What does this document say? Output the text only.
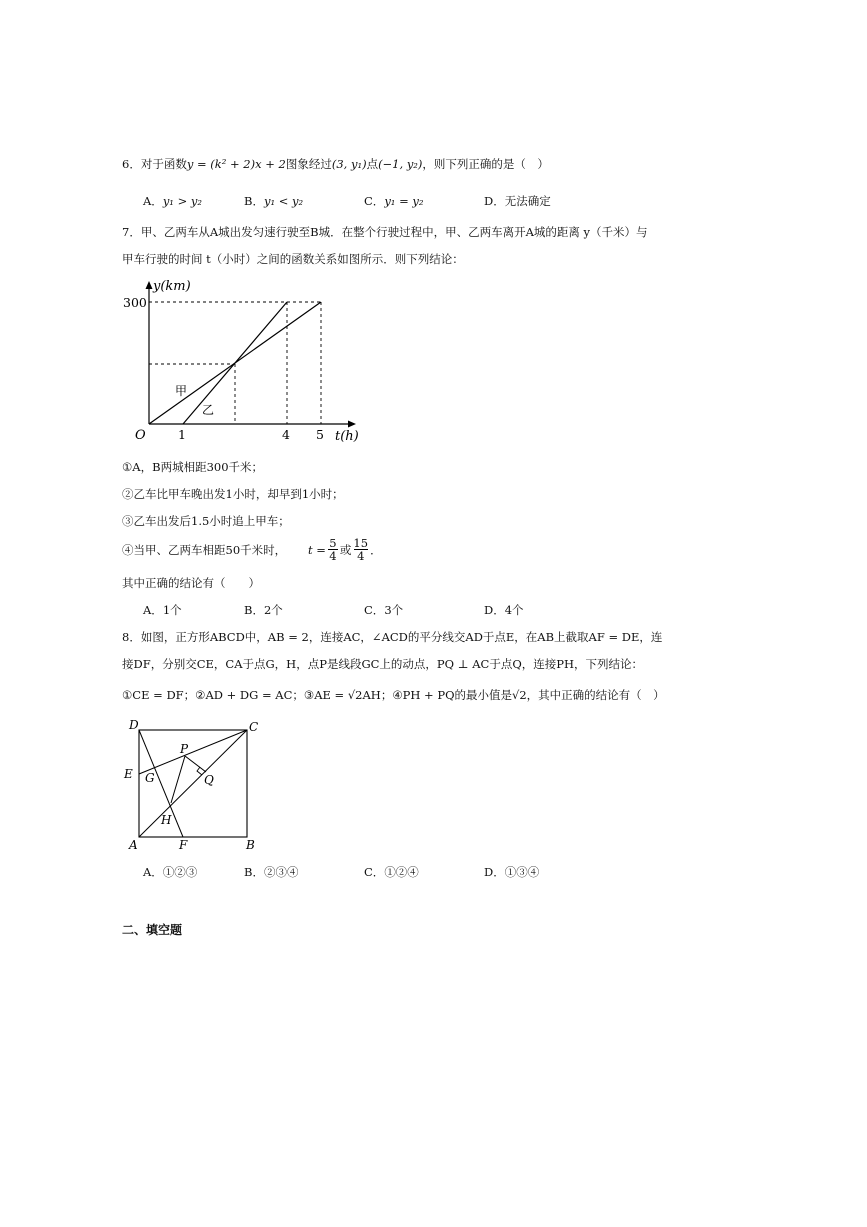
6．对于函数y = (k² + 2)x + 2图象经过(3, y₁)点(−1, y₂)，则下列正确的是（　）
A．y₁ > y₂	B．y₁ < y₂	C．y₁ = y₂	D．无法确定
7．甲、乙两车从A城出发匀速行驶至B城．在整个行驶过程中，甲、乙两车离开A城的距离 y（千米）与
甲车行驶的时间 t（小时）之间的函数关系如图所示．则下列结论：
y(km)
300
O	1	4 5 t(h)
甲
乙
①A，B两城相距300千米；
②乙车比甲车晚出发1小时，却早到1小时；
③乙车出发后1.5小时追上甲车；
④当甲、乙两车相距50千米时， t = 5
4 或 15
4 ．
其中正确的结论有（　　）
A．1个	B．2个	C．3个	D．4个
8．如图，正方形ABCD中，AB = 2，连接AC，∠ACD的平分线交AD于点E，在AB上截取AF = DE，连
接DF，分别交CE，CA于点G，H，点P是线段GC上的动点，PQ ⊥ AC于点Q，连接PH，下列结论：
①CE = DF；②AD + DG = AC；③AE = √2AH；④PH + PQ的最小值是√2，其中正确的结论有（　）
D	C
E G
P
Q
H
A	F	B
A．①②③	B．②③④	C．①②④	D．①③④
二、填空题
